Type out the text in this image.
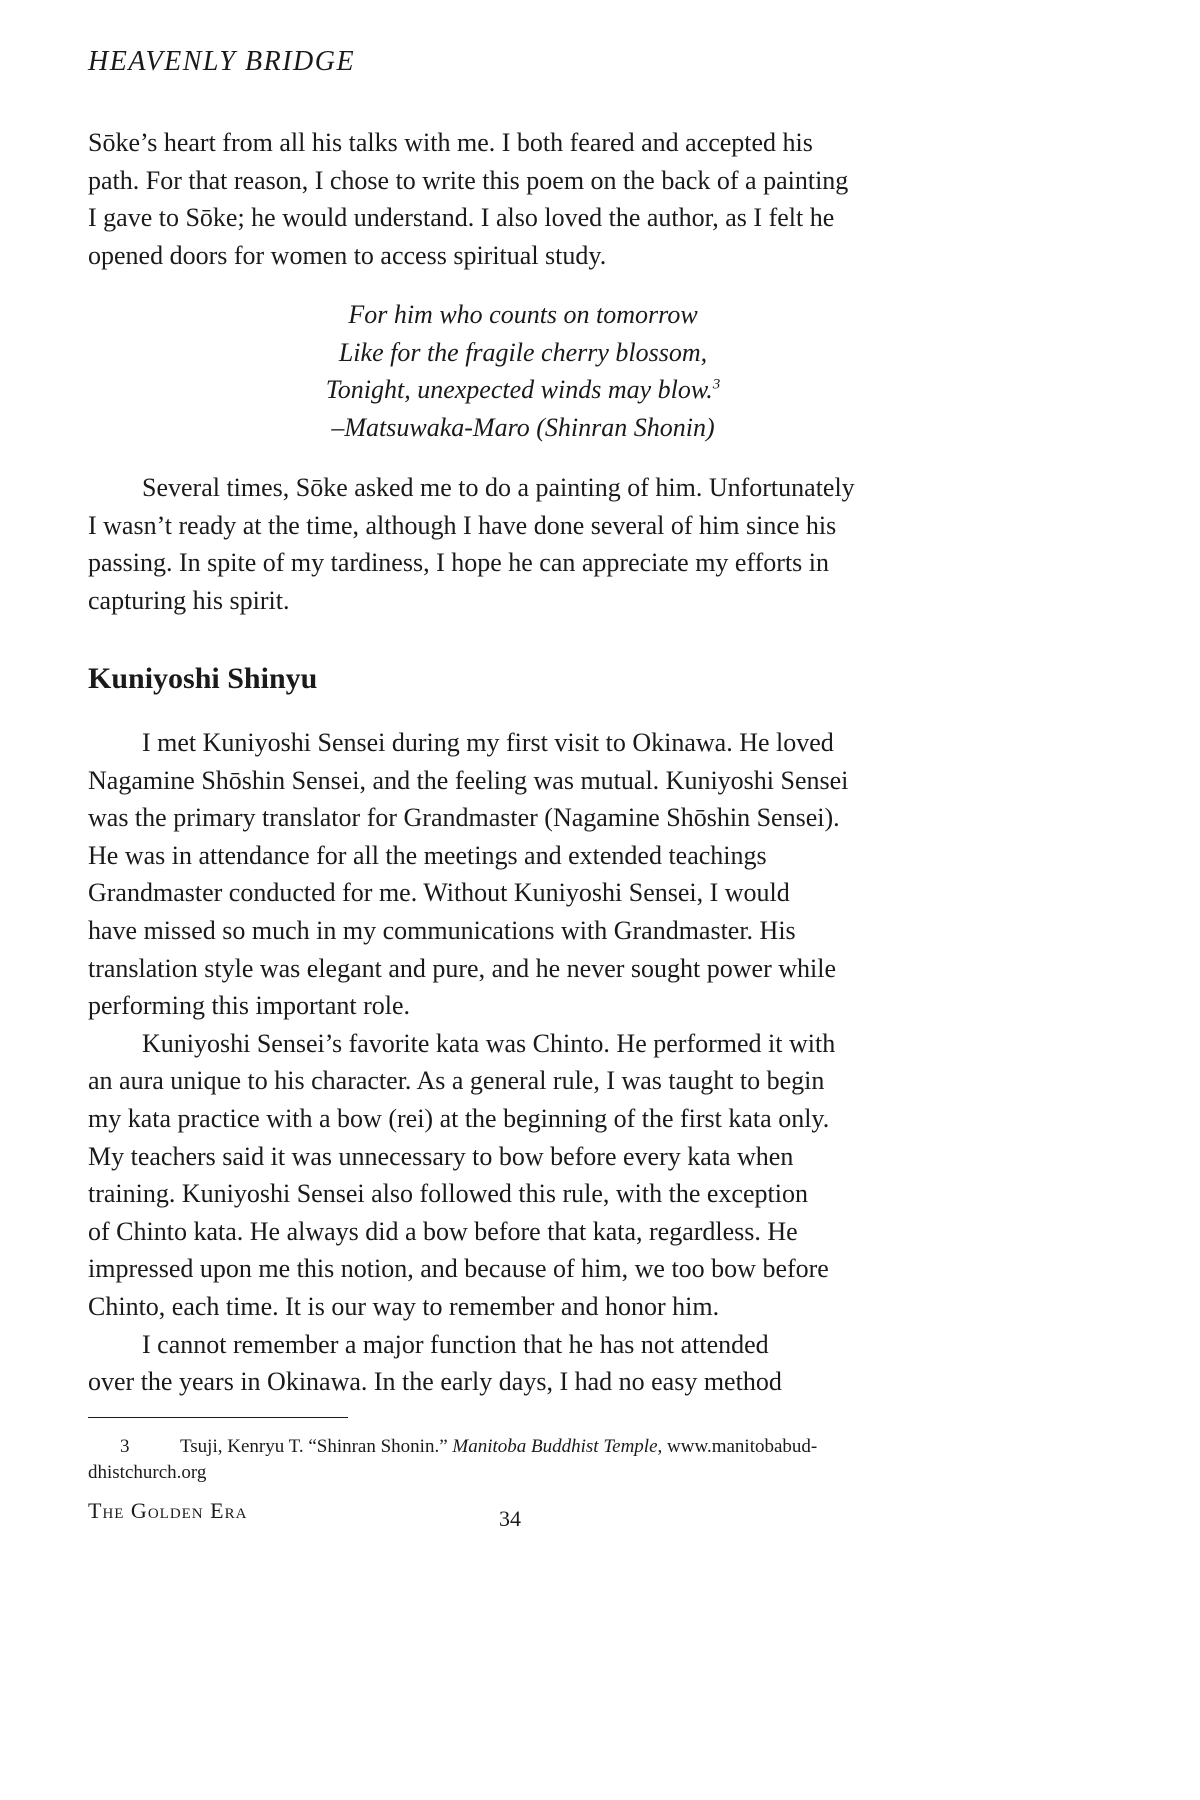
HEAVENLY BRIDGE

Sōke’s heart from all his talks with me. I both feared and accepted his
path. For that reason, I chose to write this poem on the back of a painting
I gave to Sōke; he would understand. I also loved the author, as I felt he
opened doors for women to access spiritual study.

For him who counts on tomorrow
Like for the fragile cherry blossom,
Tonight, unexpected winds may blow.$^3$
–Matsuwaka-Maro (Shinran Shonin)

Several times, Sōke asked me to do a painting of him. Unfortunately
I wasn’t ready at the time, although I have done several of him since his
passing. In spite of my tardiness, I hope he can appreciate my efforts in
capturing his spirit.

Kuniyoshi Shinyu

I met Kuniyoshi Sensei during my first visit to Okinawa. He loved
Nagamine Shōshin Sensei, and the feeling was mutual. Kuniyoshi Sensei
was the primary translator for Grandmaster (Nagamine Shōshin Sensei).
He was in attendance for all the meetings and extended teachings
Grandmaster conducted for me. Without Kuniyoshi Sensei, I would
have missed so much in my communications with Grandmaster. His
translation style was elegant and pure, and he never sought power while
performing this important role.

Kuniyoshi Sensei’s favorite kata was Chinto. He performed it with
an aura unique to his character. As a general rule, I was taught to begin
my kata practice with a bow (rei) at the beginning of the first kata only.
My teachers said it was unnecessary to bow before every kata when
training. Kuniyoshi Sensei also followed this rule, with the exception
of Chinto kata. He always did a bow before that kata, regardless. He
impressed upon me this notion, and because of him, we too bow before
Chinto, each time. It is our way to remember and honor him.

I cannot remember a major function that he has not attended
over the years in Okinawa. In the early days, I had no easy method

3	Tsuji, Kenryu T. “Shinran Shonin.” Manitoba Buddhist Temple, www.manitobabud-
dhistchurch.org
The Golden Era	34
